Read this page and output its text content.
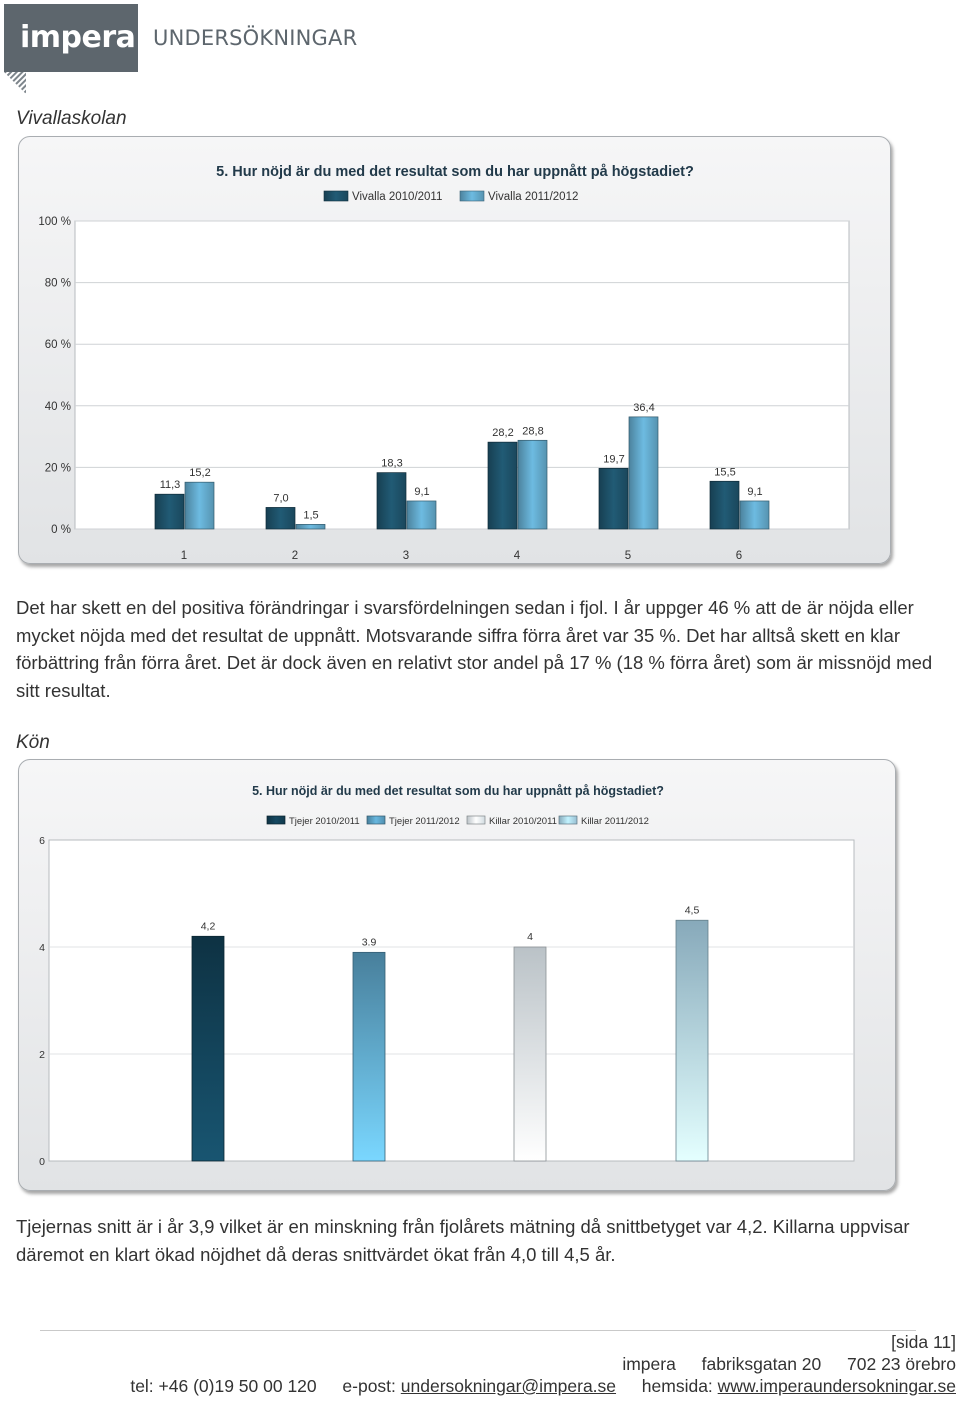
impera UNDERSÖKNINGAR
Vivallaskolan
5. Hur nöjd är du med det resultat som du har uppnått på högstadiet?
Vivalla 2010/2011	Vivalla 2011/2012
0 %
20 %
40 %
60 %
80 %
100 %
1
11,3
15,2
2
7,0
1,5
3
18,3
9,1
4
28,2 28,8
5
19,7
36,4
6
15,5
9,1
Det har skett en del positiva förändringar i svarsfördelningen sedan i fjol. I år uppger 46 % att de är nöjda eller mycket nöjda med det resultat de uppnått. Motsvarande siffra förra året var 35 %. Det har alltså skett en klar förbättring från förra året. Det är dock även en relativt stor andel på 17 % (18 % förra året) som är missnöjd med sitt resultat.
Kön
5. Hur nöjd är du med det resultat som du har uppnått på högstadiet?
Tjejer 2010/2011	Tjejer 2011/2012	Killar 2010/2011	Killar 2011/2012
0
2
4
6
4,2
3.9	4
4,5
Tjejernas snitt är i år 3,9 vilket är en minskning från fjolårets mätning då snittbetyget var 4,2. Killarna uppvisar däremot en klart ökad nöjdhet då deras snittvärdet ökat från 4,0 till 4,5 år.
[sida 11]
impera fabriksgatan 20 702 23 örebro
tel: +46 (0)19 50 00 120 e-post: undersokningar@impera.se hemsida: www.imperaundersokningar.se
